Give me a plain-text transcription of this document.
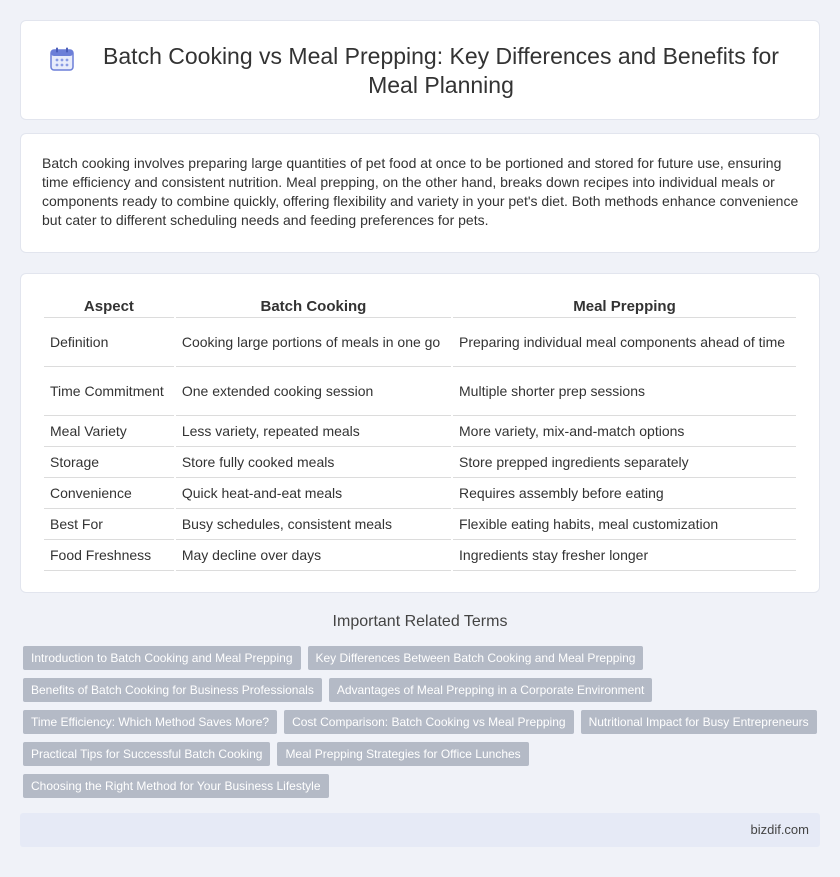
Batch Cooking vs Meal Prepping: Key Differences and Benefits for Meal Planning

Batch cooking involves preparing large quantities of pet food at once to be portioned and stored for future use, ensuring time efficiency and consistent nutrition. Meal prepping, on the other hand, breaks down recipes into individual meals or components ready to combine quickly, offering flexibility and variety in your pet's diet. Both methods enhance convenience but cater to different scheduling needs and feeding preferences for pets.

Aspect	Batch Cooking	Meal Prepping
Definition	Cooking large portions of meals in one go	Preparing individual meal components ahead of time
Time Commitment	One extended cooking session	Multiple shorter prep sessions
Meal Variety	Less variety, repeated meals	More variety, mix-and-match options
Storage	Store fully cooked meals	Store prepped ingredients separately
Convenience	Quick heat-and-eat meals	Requires assembly before eating
Best For	Busy schedules, consistent meals	Flexible eating habits, meal customization
Food Freshness	May decline over days	Ingredients stay fresher longer
Important Related Terms
Introduction to Batch Cooking and Meal Prepping	Key Differences Between Batch Cooking and Meal Prepping
Benefits of Batch Cooking for Business Professionals	Advantages of Meal Prepping in a Corporate Environment
Time Efficiency: Which Method Saves More?	Cost Comparison: Batch Cooking vs Meal Prepping	Nutritional Impact for Busy Entrepreneurs
Practical Tips for Successful Batch Cooking	Meal Prepping Strategies for Office Lunches
Choosing the Right Method for Your Business Lifestyle
bizdif.com
